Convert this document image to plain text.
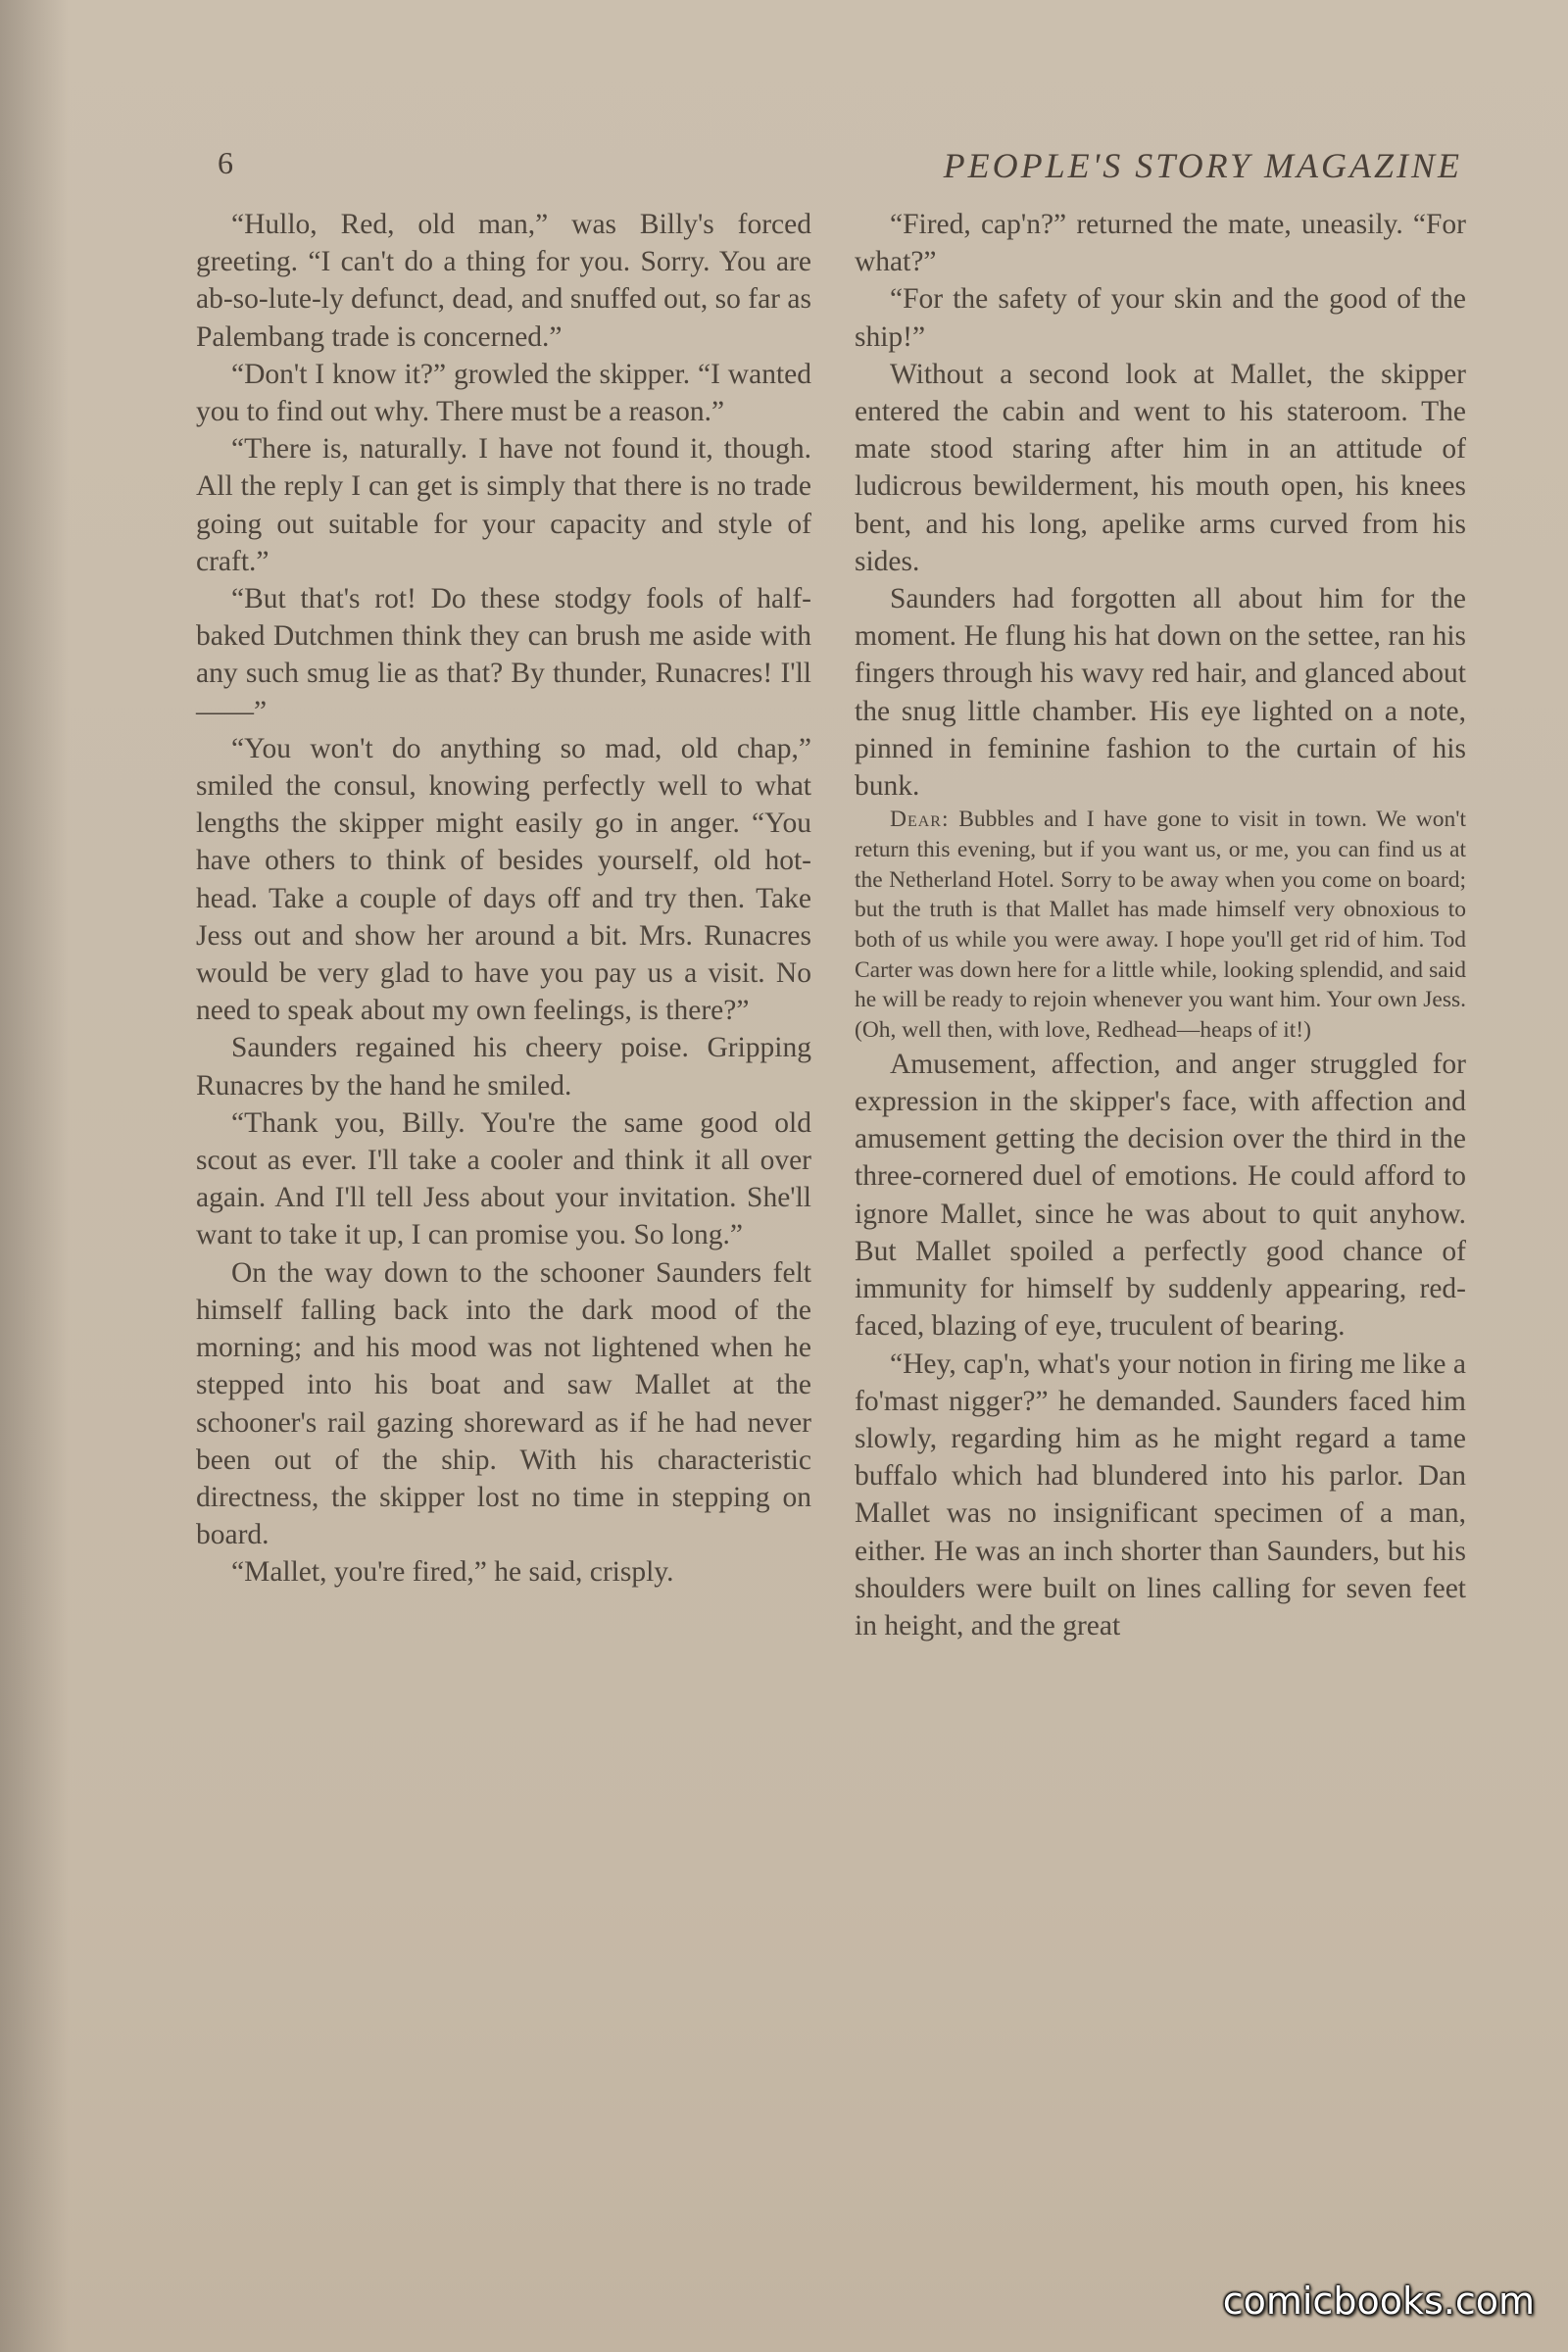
6	PEOPLE'S STORY MAGAZINE

“Hullo, Red, old man,” was Billy's forced greeting. “I can't do a thing for you. Sorry. You are ab-so-lute-ly defunct, dead, and snuffed out, so far as Palembang trade is concerned.”

“Don't I know it?” growled the skipper. “I wanted you to find out why. There must be a reason.”

“There is, naturally. I have not found it, though. All the reply I can get is simply that there is no trade going out suitable for your capacity and style of craft.”

“But that's rot! Do these stodgy fools of half-baked Dutchmen think they can brush me aside with any such smug lie as that? By thunder, Runacres! I'll——”

“You won't do anything so mad, old chap,” smiled the consul, knowing perfectly well to what lengths the skipper might easily go in anger. “You have others to think of besides yourself, old hot-head. Take a couple of days off and try then. Take Jess out and show her around a bit. Mrs. Runacres would be very glad to have you pay us a visit. No need to speak about my own feelings, is there?”

Saunders regained his cheery poise. Gripping Runacres by the hand he smiled.

“Thank you, Billy. You're the same good old scout as ever. I'll take a cooler and think it all over again. And I'll tell Jess about your invitation. She'll want to take it up, I can promise you. So long.”

On the way down to the schooner Saunders felt himself falling back into the dark mood of the morning; and his mood was not lightened when he stepped into his boat and saw Mallet at the schooner's rail gazing shoreward as if he had never been out of the ship. With his characteristic directness, the skipper lost no time in stepping on board.

“Mallet, you're fired,” he said, crisply.

“Fired, cap'n?” returned the mate, uneasily. “For what?”

“For the safety of your skin and the good of the ship!”

Without a second look at Mallet, the skipper entered the cabin and went to his stateroom. The mate stood staring after him in an attitude of ludicrous bewilderment, his mouth open, his knees bent, and his long, apelike arms curved from his sides.

Saunders had forgotten all about him for the moment. He flung his hat down on the settee, ran his fingers through his wavy red hair, and glanced about the snug little chamber. His eye lighted on a note, pinned in feminine fashion to the curtain of his bunk.

Dear: Bubbles and I have gone to visit in town. We won't return this evening, but if you want us, or me, you can find us at the Netherland Hotel. Sorry to be away when you come on board; but the truth is that Mallet has made himself very obnoxious to both of us while you were away. I hope you'll get rid of him. Tod Carter was down here for a little while, looking splendid, and said he will be ready to rejoin whenever you want him. Your own Jess. (Oh, well then, with love, Redhead—heaps of it!)

Amusement, affection, and anger struggled for expression in the skipper's face, with affection and amusement getting the decision over the third in the three-cornered duel of emotions. He could afford to ignore Mallet, since he was about to quit anyhow. But Mallet spoiled a perfectly good chance of immunity for himself by suddenly appearing, red-faced, blazing of eye, truculent of bearing.

“Hey, cap'n, what's your notion in firing me like a fo'mast nigger?” he demanded. Saunders faced him slowly, regarding him as he might regard a tame buffalo which had blundered into his parlor. Dan Mallet was no insignificant specimen of a man, either. He was an inch shorter than Saunders, but his shoulders were built on lines calling for seven feet in height, and the great

comicbooks.com
